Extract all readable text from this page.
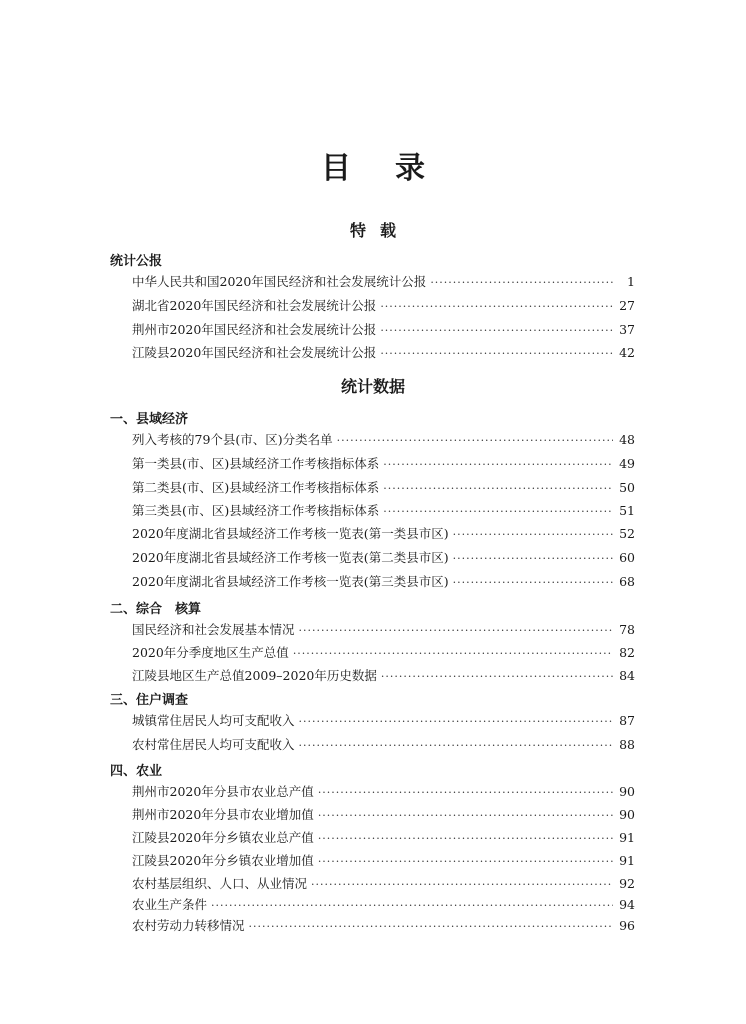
目录
特载
统计公报
中华人民共和国2020年国民经济和社会发展统计公报 ·····	1
湖北省2020年国民经济和社会发展统计公报 ·····	27
荆州市2020年国民经济和社会发展统计公报 ·····	37
江陵县2020年国民经济和社会发展统计公报 ·····	42
统计数据
一、县域经济
列入考核的79个县(市、区)分类名单 ·····	48
第一类县(市、区)县域经济工作考核指标体系 ·····	49
第二类县(市、区)县域经济工作考核指标体系 ·····	50
第三类县(市、区)县域经济工作考核指标体系 ·····	51
2020年度湖北省县域经济工作考核一览表(第一类县市区) ·····	52
2020年度湖北省县域经济工作考核一览表(第二类县市区) ·····	60
2020年度湖北省县域经济工作考核一览表(第三类县市区) ·····	68
二、综合　核算
国民经济和社会发展基本情况 ·····	78
2020年分季度地区生产总值 ·····	82
江陵县地区生产总值2009–2020年历史数据 ·····	84
三、住户调查
城镇常住居民人均可支配收入 ·····	87
农村常住居民人均可支配收入 ·····	88
四、农业
荆州市2020年分县市农业总产值 ·····	90
荆州市2020年分县市农业增加值 ·····	90
江陵县2020年分乡镇农业总产值 ·····	91
江陵县2020年分乡镇农业增加值 ·····	91
农村基层组织、人口、从业情况 ·····	92
农业生产条件 ·····	94
农村劳动力转移情况 ·····	96
